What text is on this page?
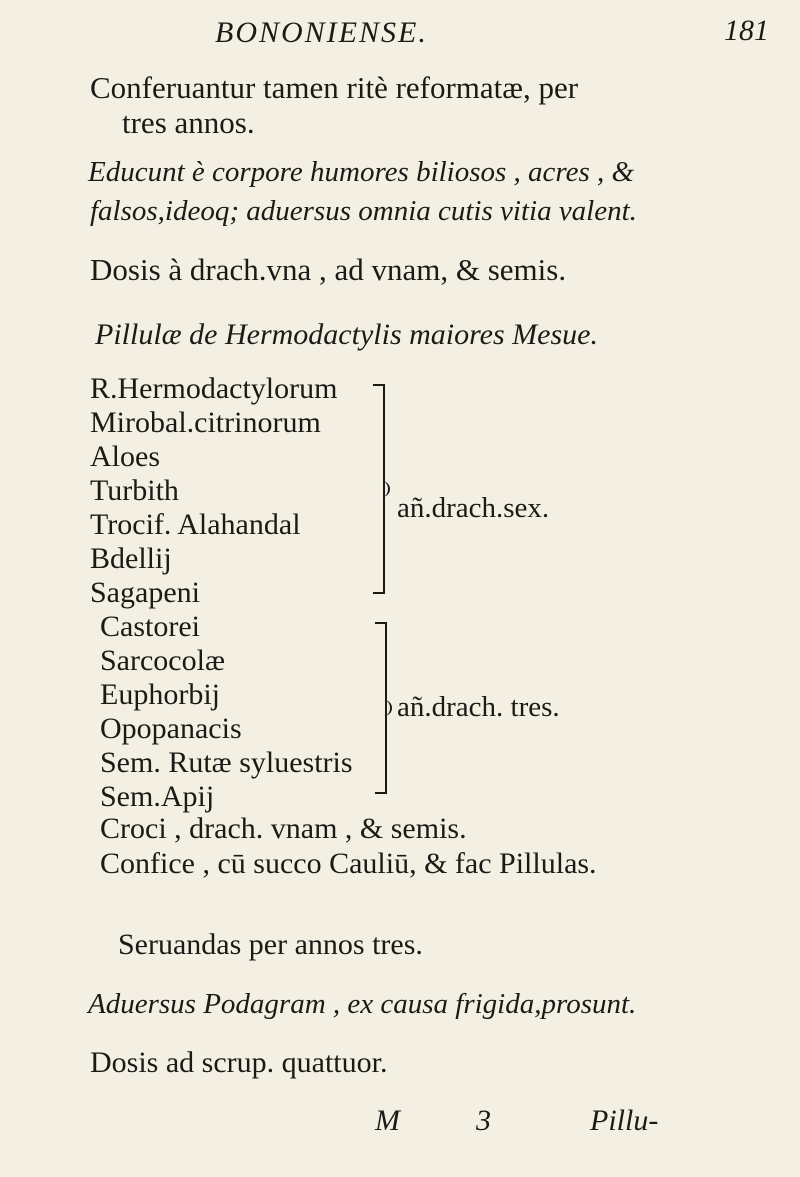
BONONIENSE.	181
Conferuantur tamen ritè reformatæ, per
tres annos.
Educunt è corpore humores biliosos , acres , &
falsos,ideoq; aduersus omnia cutis vitia valent.
Dosis à drach.vna , ad vnam, & semis.
Pillulæ de Hermodactylis maiores Mesue.
R.Hermodactylorum
Mirobal.citrinorum
Aloes
Turbith
Trocif. Alahandal
Bdellij
Sagapeni
añ.drach.sex.
Castorei
Sarcocolæ
Euphorbij
Opopanacis
Sem. Rutæ syluestris
Sem.Apij
añ.drach. tres.
Croci , drach. vnam , & semis.
Confice , cū succo Cauliū, & fac Pillulas.
Seruandas per annos tres.
Aduersus Podagram , ex causa frigida,prosunt.
Dosis ad scrup. quattuor.
M	3	Pillu-
